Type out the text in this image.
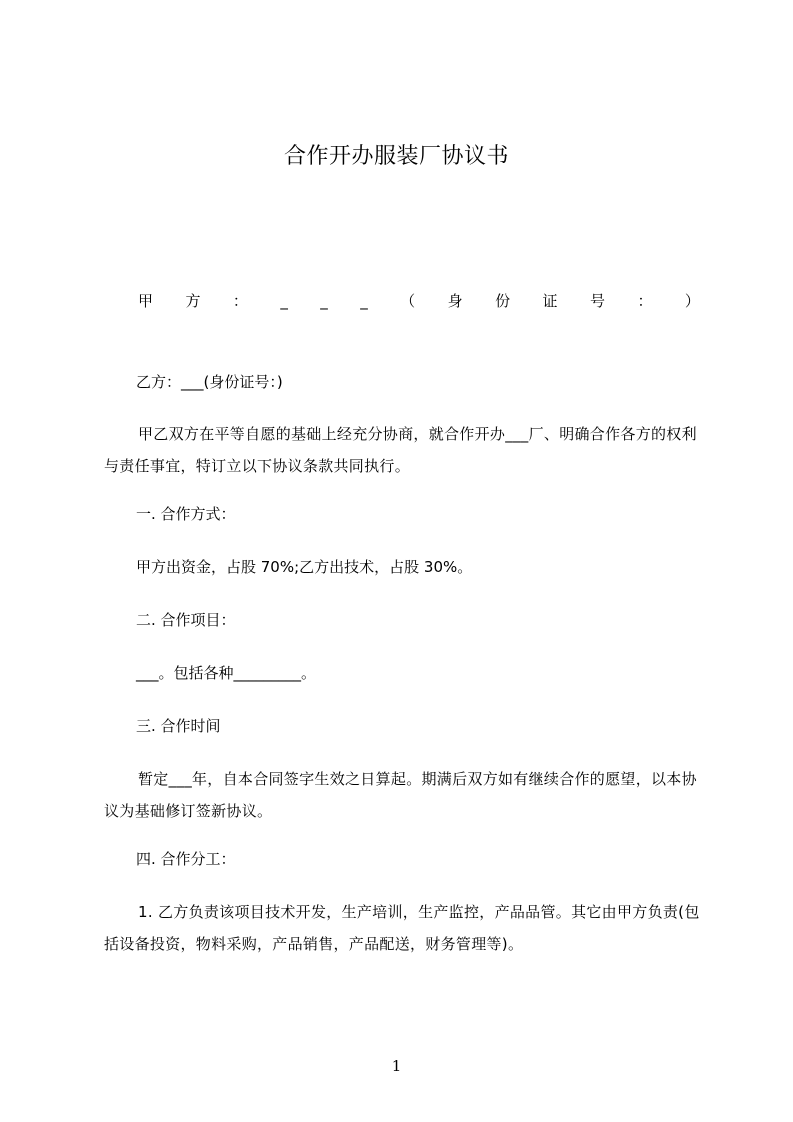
合作开办服装厂协议书
甲 方 ： _ _ _ （ 身 份 证 号 ： ）
乙方：___(身份证号：)
甲乙双方在平等自愿的基础上经充分协商，就合作开办___厂、明确合作各方的权利与责任事宜，特订立以下协议条款共同执行。
一. 合作方式：
甲方出资金，占股 70%;乙方出技术，占股 30%。
二. 合作项目：
___。包括各种_________。
三. 合作时间
暂定___年，自本合同签字生效之日算起。期满后双方如有继续合作的愿望，以本协议为基础修订签新协议。
四. 合作分工：
1. 乙方负责该项目技术开发，生产培训，生产监控，产品品管。其它由甲方负责(包括设备投资，物料采购，产品销售，产品配送，财务管理等)。
1
